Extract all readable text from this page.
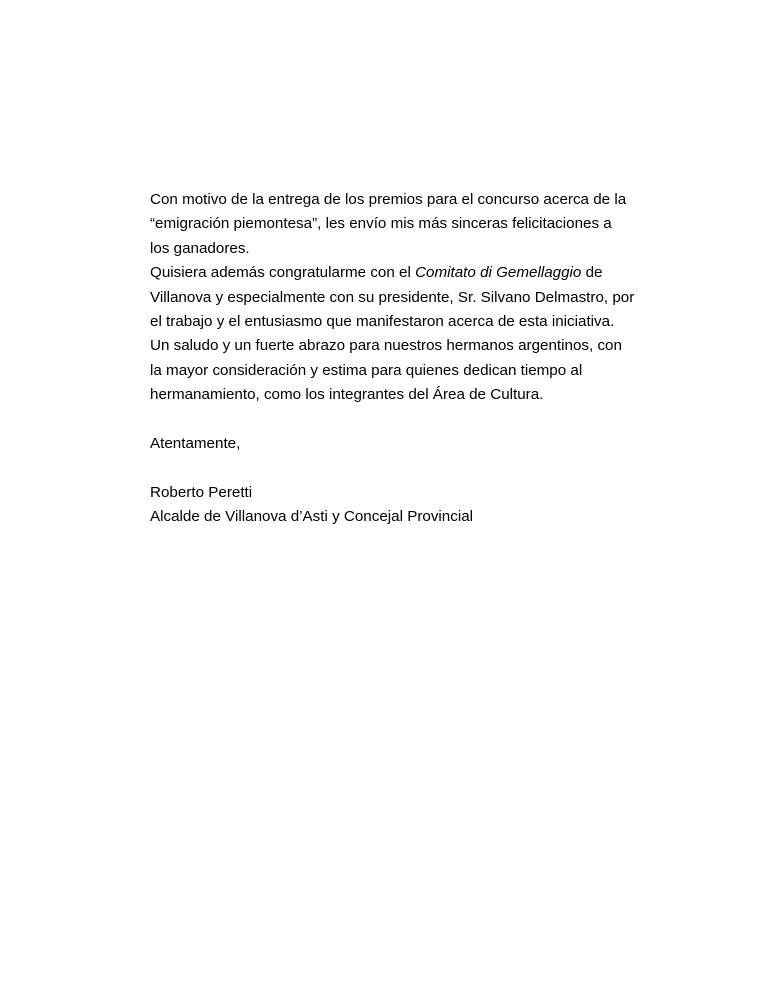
Con motivo de la entrega de los premios para el concurso acerca de la
“emigración piemontesa”, les envío mis más sinceras felicitaciones a
los ganadores.
Quisiera además congratularme con el Comitato di Gemellaggio de
Villanova y especialmente con su presidente, Sr. Silvano Delmastro, por
el trabajo y el entusiasmo que manifestaron acerca de esta iniciativa.
Un saludo y un fuerte abrazo para nuestros hermanos argentinos, con
la mayor consideración y estima para quienes dedican tiempo al
hermanamiento, como los integrantes del Área de Cultura.
Atentamente,
Roberto Peretti
Alcalde de Villanova d’Asti y Concejal Provincial
